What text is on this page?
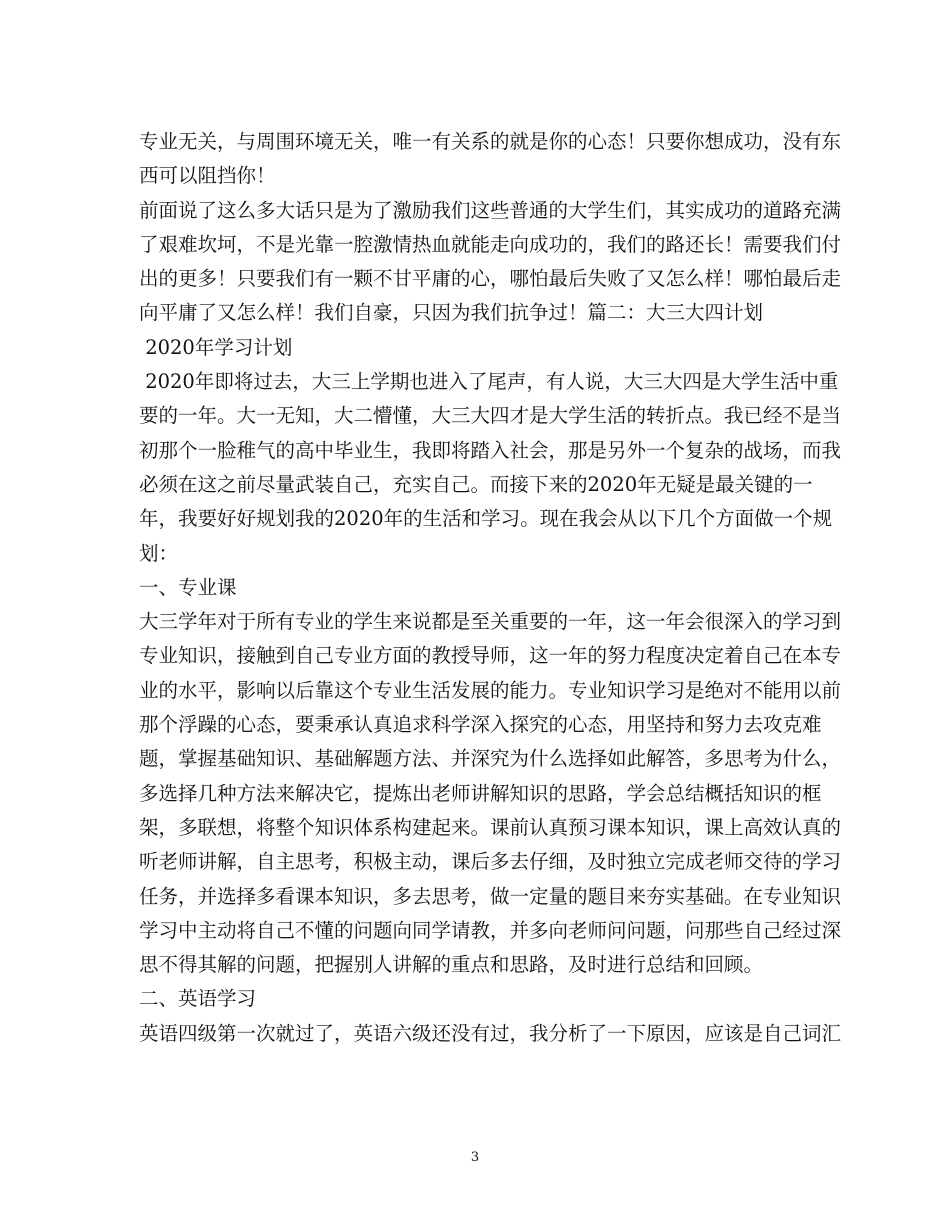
专业无关，与周围环境无关，唯一有关系的就是你的心态！只要你想成功，没有东
西可以阻挡你！
前面说了这么多大话只是为了激励我们这些普通的大学生们，其实成功的道路充满
了艰难坎坷，不是光靠一腔激情热血就能走向成功的，我们的路还长！需要我们付
出的更多！只要我们有一颗不甘平庸的心，哪怕最后失败了又怎么样！哪怕最后走
向平庸了又怎么样！我们自豪，只因为我们抗争过！篇二：大三大四计划
2020年学习计划
2020年即将过去，大三上学期也进入了尾声，有人说，大三大四是大学生活中重
要的一年。大一无知，大二懵懂，大三大四才是大学生活的转折点。我已经不是当
初那个一脸稚气的高中毕业生，我即将踏入社会，那是另外一个复杂的战场，而我
必须在这之前尽量武装自己，充实自己。而接下来的2020年无疑是最关键的一
年，我要好好规划我的2020年的生活和学习。现在我会从以下几个方面做一个规
划：
一、专业课
大三学年对于所有专业的学生来说都是至关重要的一年，这一年会很深入的学习到
专业知识，接触到自己专业方面的教授导师，这一年的努力程度决定着自己在本专
业的水平，影响以后靠这个专业生活发展的能力。专业知识学习是绝对不能用以前
那个浮躁的心态，要秉承认真追求科学深入探究的心态，用坚持和努力去攻克难
题，掌握基础知识、基础解题方法、并深究为什么选择如此解答，多思考为什么，
多选择几种方法来解决它，提炼出老师讲解知识的思路，学会总结概括知识的框
架，多联想，将整个知识体系构建起来。课前认真预习课本知识，课上高效认真的
听老师讲解，自主思考，积极主动，课后多去仔细，及时独立完成老师交待的学习
任务，并选择多看课本知识，多去思考，做一定量的题目来夯实基础。在专业知识
学习中主动将自己不懂的问题向同学请教，并多向老师问问题，问那些自己经过深
思不得其解的问题，把握别人讲解的重点和思路，及时进行总结和回顾。
二、英语学习
英语四级第一次就过了，英语六级还没有过，我分析了一下原因，应该是自己词汇
3
